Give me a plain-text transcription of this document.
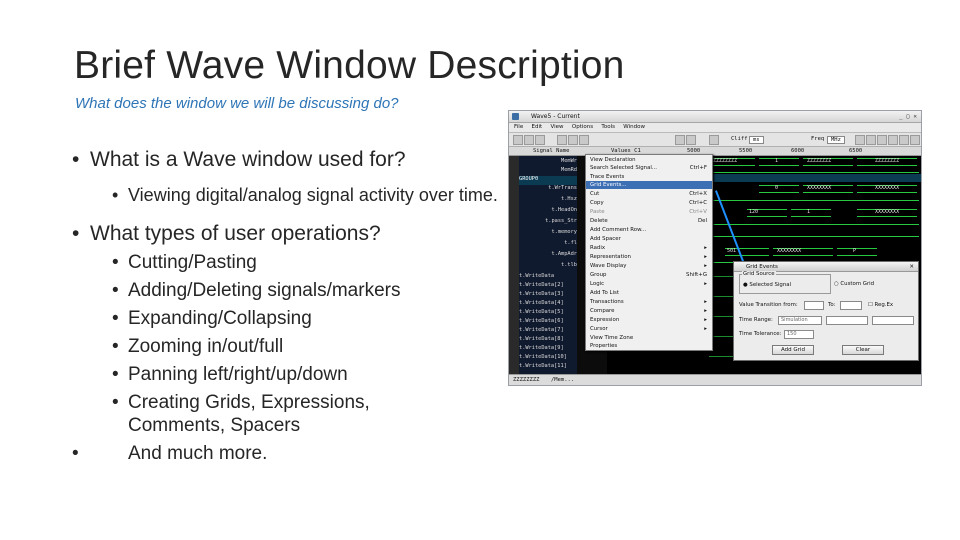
Brief Wave Window Description
What does the window we will be discussing do?
• What is a Wave window used for?
• Viewing digital/analog signal activity over time.
• What types of user operations?
• Cutting/Pasting
• Adding/Deleting signals/markers
• Expanding/Collapsing
• Zooming in/out/full
• Panning left/right/up/down
• Creating Grids, Expressions, Comments, Spacers
• And much more.
Wave5 - Current	_ ▢ ✕
File Edit View Options Tools Window
Cliff ms	Freq	MHz
Signal Name	Values C1	5000	5500	6000	6500
MemWr
MemRd
GROUP0
t.WrTrans
t.Hsz
t.HeadOn
t.pass_Str
t.memory
t.fl
t.AmpAdr
t.tlb
t.WriteData
t.WriteData[2]
t.WriteData[3]
t.WriteData[4]
t.WriteData[5]
t.WriteData[6]
t.WriteData[7]
t.WriteData[8]
t.WriteData[9]
t.WriteData[10]
t.WriteData[11]
ZZZZZZZZ	1	ZZZZZZZZ	ZZZZZZZZ
0	XXXXXXXX	XXXXXXXX
120	1	XXXXXXXX
501	XXXXXXXX	P
ZZZZZZZZ /Mem...
View Declaration
Search Selected Signal...	Ctrl+F
Trace Events
Grid Events...
Cut	Ctrl+X
Copy	Ctrl+C
Paste	Ctrl+V
Delete	Del
Add Comment Row...
Add Spacer
Radix	▸
Representation	▸
Wave Display	▸
Group	Shift+G
Logic	▸
Add To List
Transactions	▸
Compare	▸
Expression	▸
Cursor	▸
View Time Zone
Properties
Grid Events	✕
Grid Source
● Selected Signal	○ Custom Grid
Value Transition from:	To:	☐ Reg.Ex
Time Range:	Simulation
Time Tolerance:	150
Add Grid	Clear
